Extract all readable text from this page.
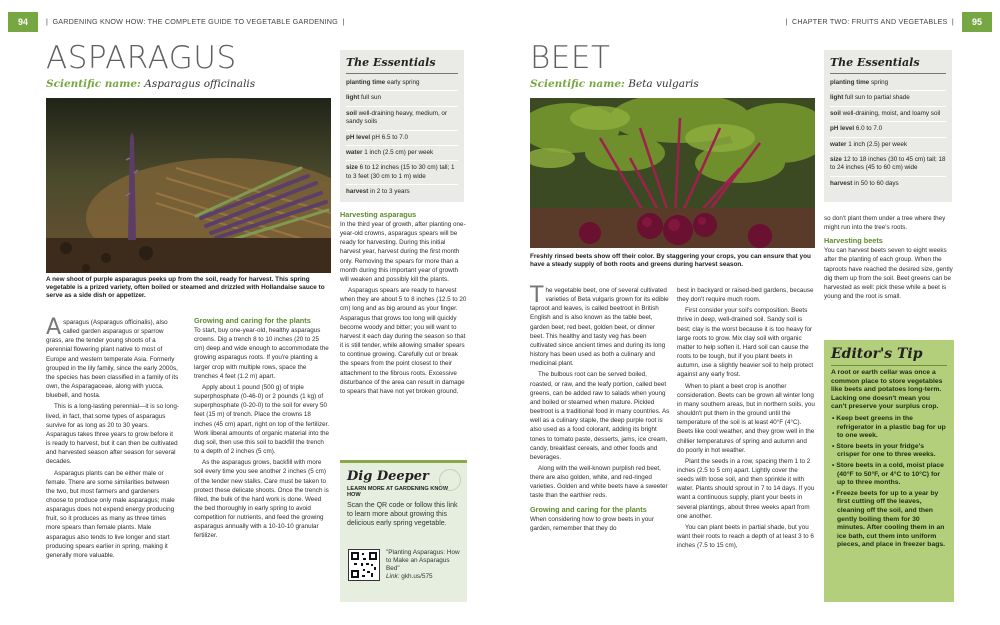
94	|  GARDENING KNOW HOW: THE COMPLETE GUIDE TO VEGETABLE GARDENING  |
ASPARAGUS
Scientific name: Asparagus officinalis
A new shoot of purple asparagus peeks up from the soil, ready for harvest. This spring vegetable is a prized variety, often boiled or steamed and drizzled with Hollandaise sauce to serve as a side dish or appetizer.

Asparagus (Asparagus officinalis), also called garden asparagus or sparrow grass, are the tender young shoots of a perennial flowering plant native to most of Europe and western temperate Asia. Formerly grouped in the lily family, since the early 2000s, the species has been classified in a family of its own, the Asparagaceae, along with yucca, bluebell, and hosta.

This is a long-lasting perennial—it is so long-lived, in fact, that some types of asparagus survive for as long as 20 to 30 years. Asparagus takes three years to grow before it is ready to harvest, but it can then be cultivated and harvested season after season for several decades.

Asparagus plants can be either male or female. There are some similarities between the two, but most farmers and gardeners choose to produce only male asparagus; male asparagus does not expend energy producing fruit, so it produces as many as three times more spears than female plants. Male asparagus also tends to live longer and start producing spears earlier in spring, making it generally more valuable.

Growing and caring for the plants

To start, buy one-year-old, healthy asparagus crowns. Dig a trench 8 to 10 inches (20 to 25 cm) deep and wide enough to accommodate the growing asparagus roots. If you're planting a larger crop with multiple rows, space the trenches 4 feet (1.2 m) apart.

Apply about 1 pound (500 g) of triple superphosphate (0-46-0) or 2 pounds (1 kg) of superphosphate (0-20-0) to the soil for every 50 feet (15 m) of trench. Place the crowns 18 inches (45 cm) apart, right on top of the fertilizer. Work liberal amounts of organic material into the dug soil, then use this soil to backfill the trench to a depth of 2 inches (5 cm).

As the asparagus grows, backfill with more soil every time you see another 2 inches (5 cm) of the tender new stalks. Care must be taken to protect these delicate shoots. Once the trench is filled, the bulk of the hard work is done. Weed the bed thoroughly in early spring to avoid competition for nutrients, and feed the growing asparagus annually with a 10-10-10 granular fertilizer.

The Essentials
planting time early spring
light full sun
soil well-draining heavy, medium, or sandy soils
pH level pH 6.5 to 7.0
water 1 inch (2.5 cm) per week
size 6 to 12 inches (15 to 30 cm) tall; 1 to 3 feet (30 cm to 1 m) wide
harvest in 2 to 3 years
Harvesting asparagus

In the third year of growth, after planting one-year-old crowns, asparagus spears will be ready for harvesting. During this initial harvest year, harvest during the first month only. Removing the spears for more than a month during this important year of growth will weaken and possibly kill the plants.

Asparagus spears are ready to harvest when they are about 5 to 8 inches (12.5 to 20 cm) long and as big around as your finger. Asparagus that grows too long will quickly become woody and bitter; you will want to harvest it each day during the season so that it is still tender, while allowing smaller spears to continue growing. Carefully cut or break the spears from the point closest to their attachment to the fibrous roots. Excessive disturbance of the area can result in damage to spears that have not yet broken ground.

Dig Deeper
LEARN MORE AT GARDENING KNOW HOW
Scan the QR code or follow this link to learn more about growing this delicious early spring vegetable.
"Planting Asparagus: How to Make an Asparagus Bed"
Link: gkh.us/575
|  CHAPTER TWO: FRUITS AND VEGETABLES  |	95
BEET
Scientific name: Beta vulgaris
Freshly rinsed beets show off their color. By staggering your crops, you can ensure that you have a steady supply of both roots and greens during harvest season.

The vegetable beet, one of several cultivated varieties of Beta vulgaris grown for its edible taproot and leaves, is called beetroot in British English and is also known as the table beet, garden beet, red beet, golden beet, or dinner beet. This healthy and tasty veg has been cultivated since ancient times and during its long history has been used as both a culinary and medicinal plant.

The bulbous root can be served boiled, roasted, or raw, and the leafy portion, called beet greens, can be added raw to salads when young and boiled or steamed when mature. Pickled beetroot is a traditional food in many countries. As well as a culinary staple, the deep purple root is also used as a food colorant, adding its bright tones to tomato paste, desserts, jams, ice cream, candy, breakfast cereals, and other foods and beverages.

Along with the well-known purplish red beet, there are also golden, white, and red-ringed varieties. Golden and white beets have a sweeter taste than the earthier reds.

Growing and caring for the plants

When considering how to grow beets in your garden, remember that they do

best in backyard or raised-bed gardens, because they don't require much room.

First consider your soil's composition. Beets thrive in deep, well-drained soil. Sandy soil is best; clay is the worst because it is too heavy for large roots to grow. Mix clay soil with organic matter to help soften it. Hard soil can cause the roots to be tough, but if you plant beets in autumn, use a slightly heavier soil to help protect against any early frost.

When to plant a beet crop is another consideration. Beets can be grown all winter long in many southern areas, but in northern soils, you shouldn't put them in the ground until the temperature of the soil is at least 40°F (4°C). Beets like cool weather, and they grow well in the chillier temperatures of spring and autumn and do poorly in hot weather.

Plant the seeds in a row, spacing them 1 to 2 inches (2.5 to 5 cm) apart. Lightly cover the seeds with loose soil, and then sprinkle it with water. Plants should sprout in 7 to 14 days. If you want a continuous supply, plant your beets in several plantings, about three weeks apart from one another.

You can plant beets in partial shade, but you want their roots to reach a depth of at least 3 to 6 inches (7.5 to 15 cm),

The Essentials
planting time spring
light full sun to partial shade
soil well-draining, moist, and loamy soil
pH level 6.0 to 7.0
water 1 inch (2.5) per week
size 12 to 18 inches (30 to 45 cm) tall; 18 to 24 inches (45 to 60 cm) wide
harvest in 50 to 60 days

so don't plant them under a tree where they might run into the tree's roots.

Harvesting beets

You can harvest beets seven to eight weeks after the planting of each group. When the taproots have reached the desired size, gently dig them up from the soil. Beet greens can be harvested as well: pick these while a beet is young and the root is small.

Editor's Tip
A root or earth cellar was once a common place to store vegetables like beets and potatoes long-term. Lacking one doesn't mean you can't preserve your surplus crop.
• Keep beet greens in the refrigerator in a plastic bag for up to one week.
• Store beets in your fridge's crisper for one to three weeks.
• Store beets in a cold, moist place (40°F to 50°F, or 4°C to 10°C) for up to three months.
• Freeze beets for up to a year by first cutting off the leaves, cleaning off the soil, and then gently boiling them for 30 minutes. After cooling them in an ice bath, cut them into uniform pieces, and place in freezer bags.
